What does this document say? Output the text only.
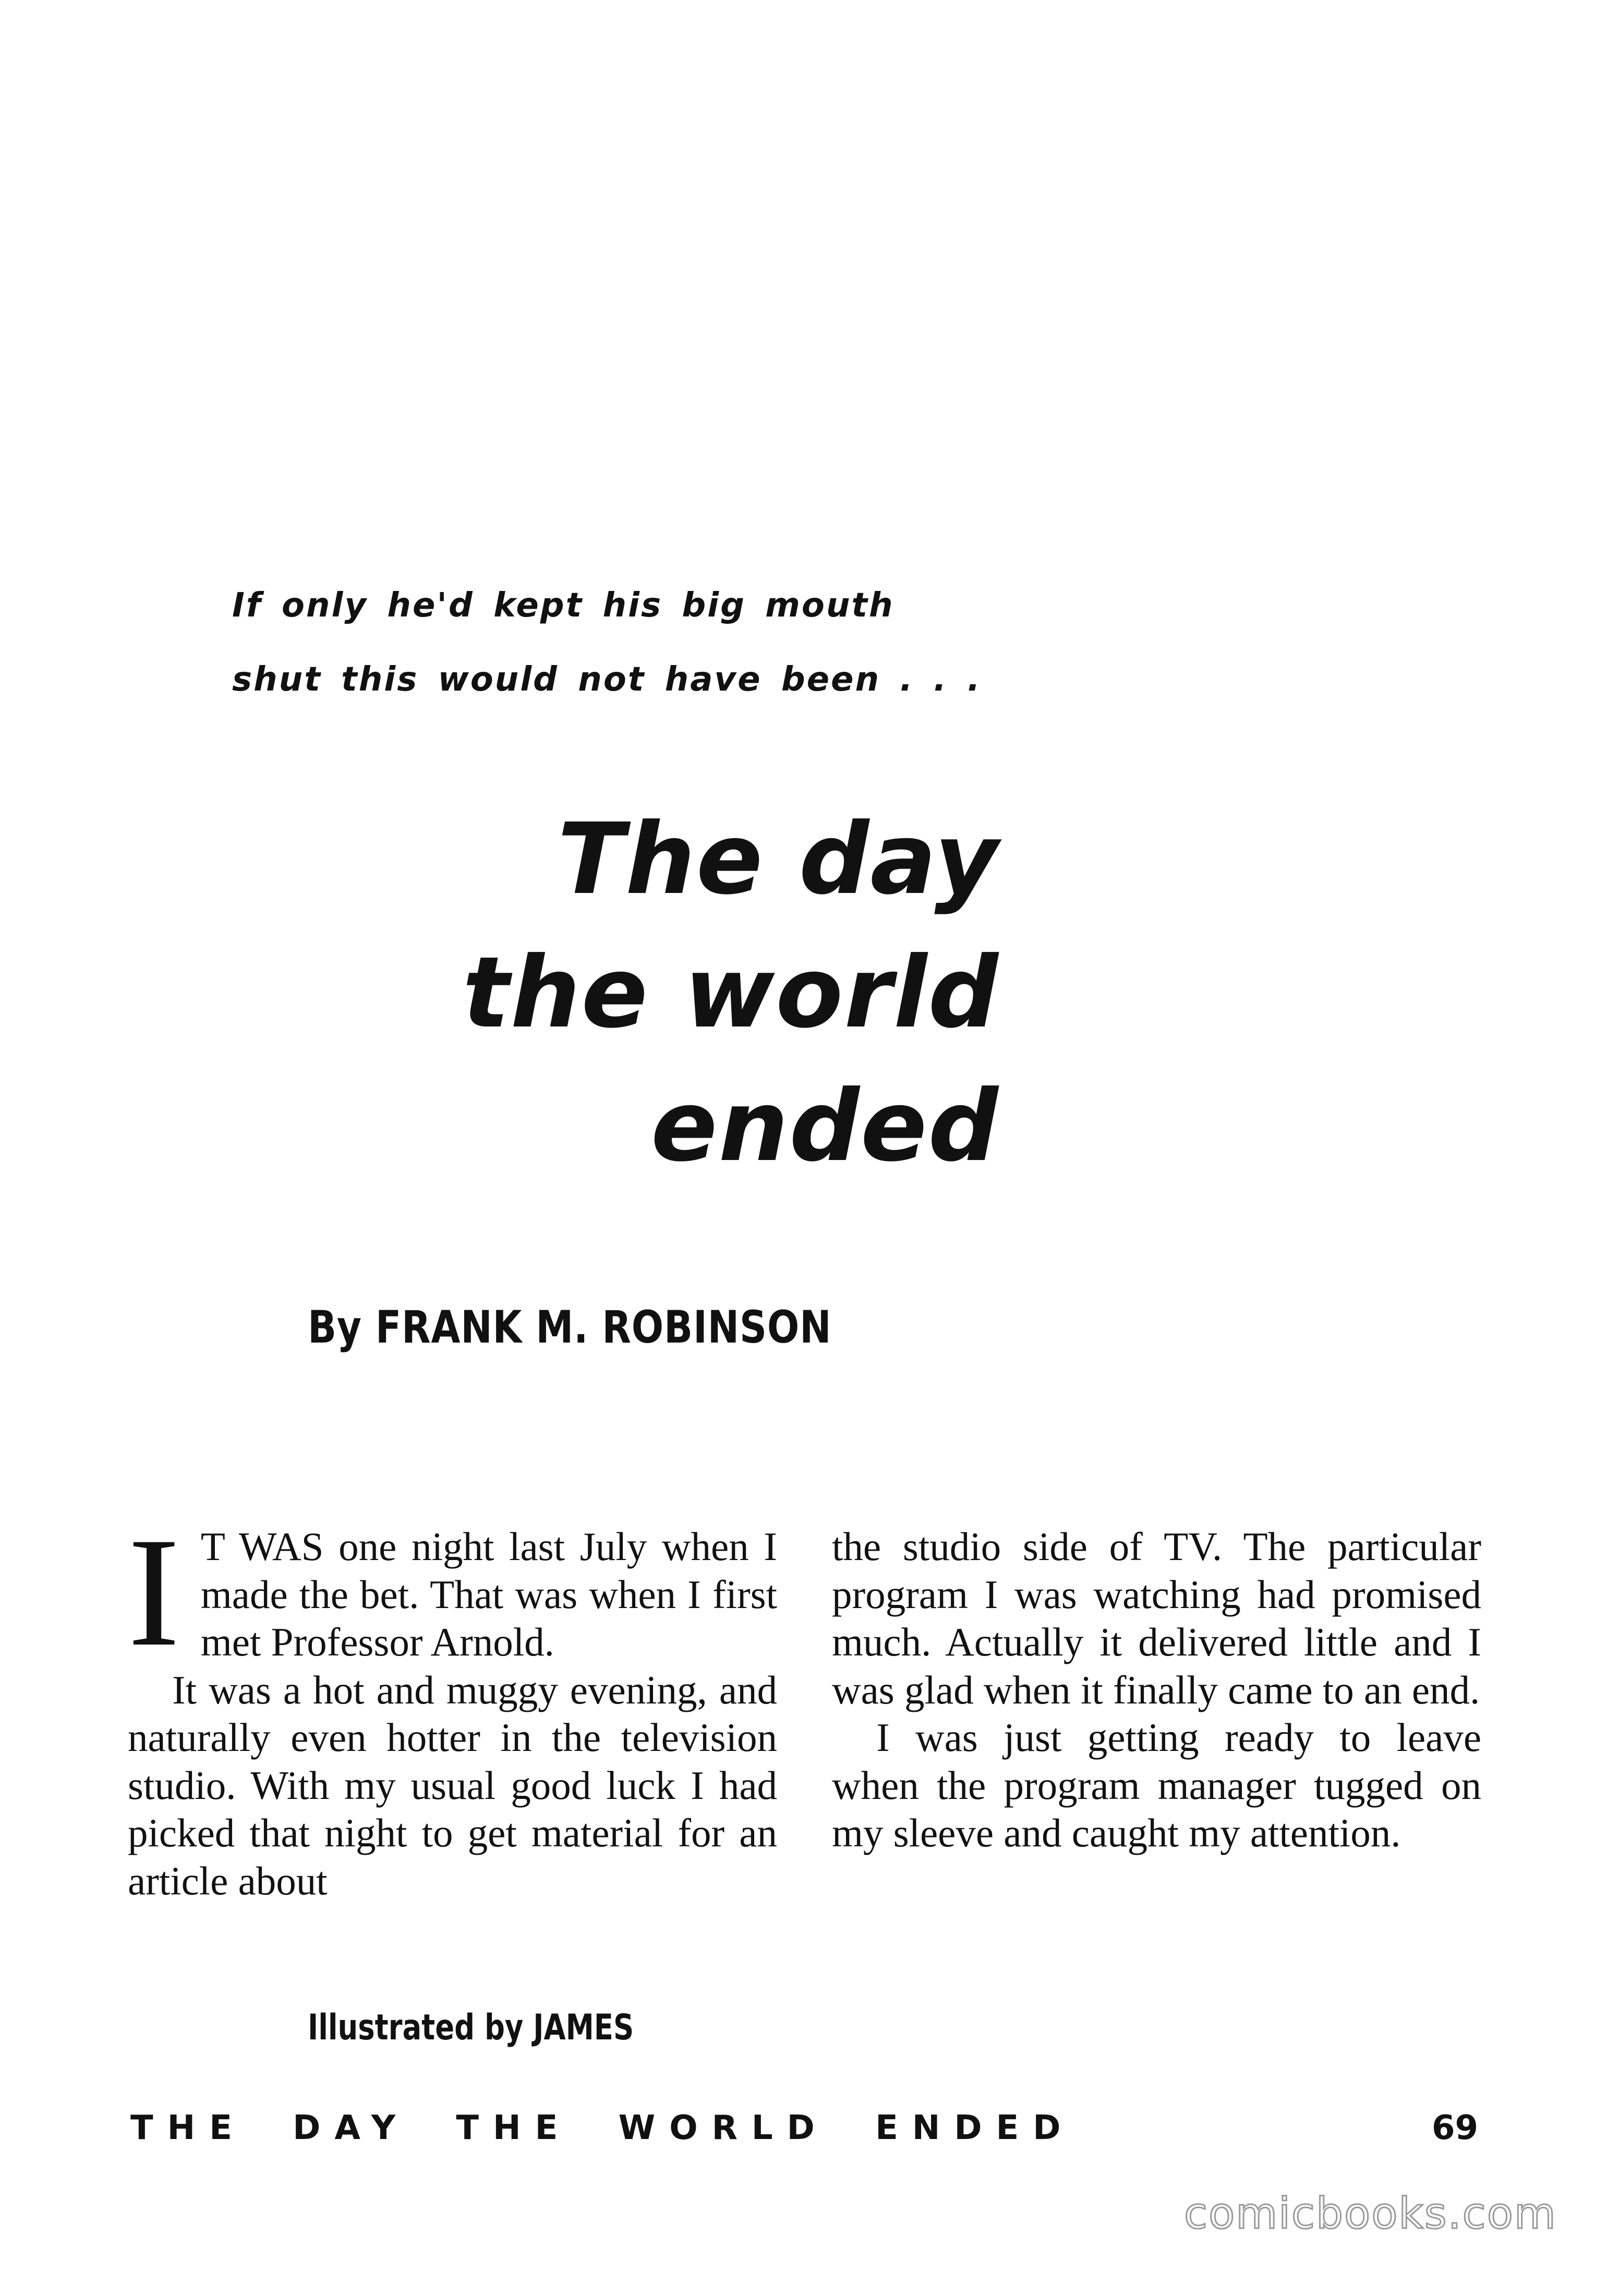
If only he'd kept his big mouth
shut this would not have been . . .
The day
the world
ended
By FRANK M. ROBINSON

I T WAS one night last July when I made the bet. That was when I first met Professor Arnold.

It was a hot and muggy evening, and naturally even hotter in the television studio. With my usual good luck I had picked that night to get material for an article about

the studio side of TV. The particular program I was watching had promised much. Actually it delivered little and I was glad when it finally came to an end.

I was just getting ready to leave when the program manager tugged on my sleeve and caught my attention.

Illustrated by JAMES
THE DAY THE WORLD ENDED	69
comicbooks.com
